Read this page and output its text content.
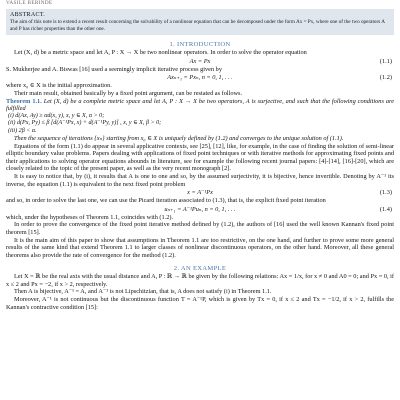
VASILE BERINDE
ABSTRACT.
The aim of this note is to extend a recent result concerning the solvability of a nonlinear equation that can be decomposed under the form Ax = Px, where one of the two operators A and P has richer properties than the other one.
1. INTRODUCTION

Let (X, d) be a metric space and let A, P : X → X be two nonlinear operators. In order to solve the operator equation

Ax = Px	(1.1)

S. Mukherjee and A. Biswas [16] used a seemingly implicit iterative process given by

Axₙ₊₁ = Pxₙ, n = 0, 1, . . .	(1.2)

where x₀ ∈ X is the initial approximation.

Their main result, obtained basically by a fixed point argument, can be restated as follows.

Theorem 1.1. Let (X, d) be a complete metric space and let A, P : X → X be two operators, A is surjective, and such that the following conditions are fulfilled

(i) d(Ax, Ay) ≥ αd(x, y), x, y ∈ X, α > 0;
(ii) d(Px, Py) ≤ β [d(A⁻¹Px, x) + d(A⁻¹Py, y)] , x, y ∈ X, β > 0;
(iii) 2β < α.

Then the sequence of iterations {xₙ} starting from x₀ ∈ X is uniquely defined by (1.2) and converges to the unique solution of (1.1).

Equations of the form (1.1) do appear in several applicative contexts, see [25], [12], like, for example, in the case of finding the solution of semi-linear elliptic boundary value problems. Papers dealing with applications of fixed point techniques or with iterative methods for approximating fixed points and their applications to solving operator equations abounds in literature, see for example the following recent journal papers: [4]-[14], [16]-[20], which are closely related to the topic of the present paper, as well as the very recent monograph [2].

It is easy to notice that, by (i), it results that A is one to one and so, by the assumed surjectivity, it is bijective, hence invertible. Denoting by A⁻¹ its inverse, the equation (1.1) is equivalent to the next fixed point problem

x = A⁻¹Px	(1.3)

and so, in order to solve the last one, we can use the Picard iteration associated to (1.3), that is, the explicit fixed point iteration

uₙ₊₁ = A⁻¹Puₙ, n = 0, 1, . . .	(1.4)

which, under the hypotheses of Theorem 1.1, coincides with (1.2).

In order to prove the convergence of the fixed point iterative method defined by (1.2), the authors of [16] used the well known Kannan's fixed point theorem [15].

It is the main aim of this paper to show that assumptions in Theorem 1.1 are too restrictive, on the one hand, and further to prove some more general results of the same kind that extend Theorem 1.1 to larger classes of nonlinear discontinuous operators, on the other hand. Moreover, all these general theorems also provide the rate of convergence for the method (1.2).

2. AN EXAMPLE

Let X = ℝ be the real axis with the usual distance and A, P : ℝ → ℝ be given by the following relations: Ax = 1/x, for x ≠ 0 and A0 = 0; and Px = 0, if x ≤ 2 and Px = −2, if x > 2, respectively.

Then A is bijective, A⁻¹ = A, and A⁻¹ is not Lipschitzian, that is, A does not satisfy (i) in Theorem 1.1.

Moreover, A⁻¹ is not continuous but the discontinuous function T = A⁻¹P, which is given by Tx = 0, if x ≤ 2 and Tx = −1/2, if x > 2, fulfills the Kannan's contractive condition [15]:
